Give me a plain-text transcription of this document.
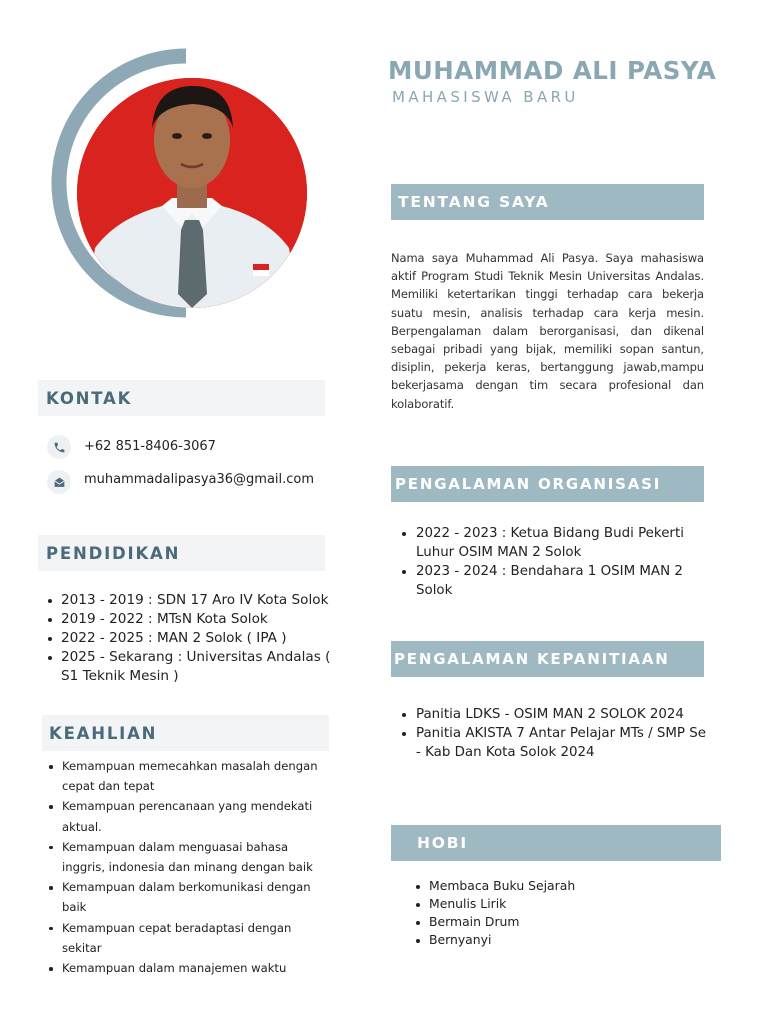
MUHAMMAD ALI PASYA
MAHASISWA BARU
KONTAK
+62 851-8406-3067
muhammadalipasya36@gmail.com
PENDIDIKAN
2013 - 2019 : SDN 17 Aro IV Kota Solok
2019 - 2022 : MTsN Kota Solok
2022 - 2025 : MAN 2 Solok ( IPA )
2025 - Sekarang : Universitas Andalas ( S1 Teknik Mesin )
KEAHLIAN
Kemampuan memecahkan masalah dengan cepat dan tepat
Kemampuan perencanaan yang mendekati aktual.
Kemampuan dalam menguasai bahasa inggris, indonesia dan minang dengan baik
Kemampuan dalam berkomunikasi dengan baik
Kemampuan cepat beradaptasi dengan sekitar
Kemampuan dalam manajemen waktu
TENTANG SAYA
Nama saya Muhammad Ali Pasya. Saya mahasiswa aktif Program Studi Teknik Mesin Universitas Andalas. Memiliki ketertarikan tinggi terhadap cara bekerja suatu mesin, analisis terhadap cara kerja mesin. Berpengalaman dalam berorganisasi, dan dikenal sebagai pribadi yang bijak, memiliki sopan santun, disiplin, pekerja keras, bertanggung jawab,mampu bekerjasama dengan tim secara profesional dan kolaboratif.
PENGALAMAN ORGANISASI
2022 - 2023 : Ketua Bidang Budi Pekerti Luhur OSIM MAN 2 Solok
2023 - 2024 : Bendahara 1 OSIM MAN 2 Solok
PENGALAMAN KEPANITIAAN
Panitia LDKS - OSIM MAN 2 SOLOK 2024
Panitia AKISTA 7 Antar Pelajar MTs / SMP Se - Kab Dan Kota Solok 2024
HOBI
Membaca Buku Sejarah
Menulis Lirik
Bermain Drum
Bernyanyi
